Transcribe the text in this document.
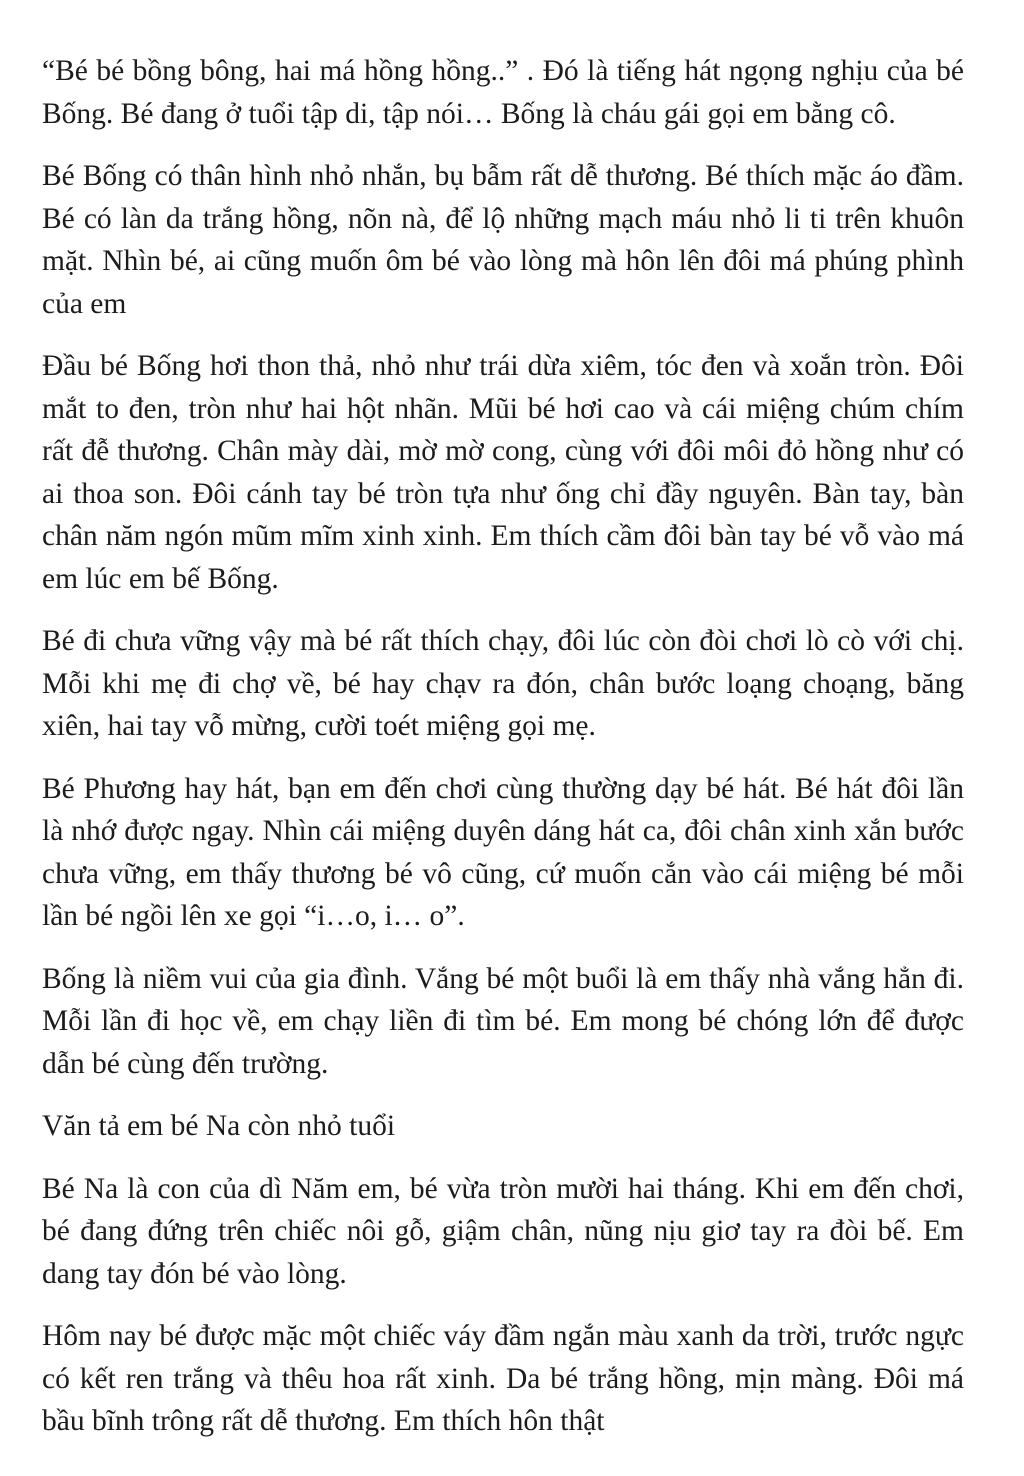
“Bé bé bồng bông, hai má hồng hồng..” . Đó là tiếng hát ngọng nghịu của bé Bống. Bé đang ở tuổi tập di, tập nói… Bống là cháu gái gọi em bằng cô.

Bé Bống có thân hình nhỏ nhắn, bụ bẫm rất dễ thương. Bé thích mặc áo đầm. Bé có làn da trắng hồng, nõn nà, để lộ những mạch máu nhỏ li ti trên khuôn mặt. Nhìn bé, ai cũng muốn ôm bé vào lòng mà hôn lên đôi má phúng phình của em

Đầu bé Bống hơi thon thả, nhỏ như trái dừa xiêm, tóc đen và xoắn tròn. Đôi mắt to đen, tròn như hai hột nhãn. Mũi bé hơi cao và cái miệng chúm chím rất đễ thương. Chân mày dài, mờ mờ cong, cùng với đôi môi đỏ hồng như có ai thoa son. Đôi cánh tay bé tròn tựa như ống chỉ đầy nguyên. Bàn tay, bàn chân năm ngón mũm mĩm xinh xinh. Em thích cầm đôi bàn tay bé vỗ vào má em lúc em bế Bống.

Bé đi chưa vững vậy mà bé rất thích chạy, đôi lúc còn đòi chơi lò cò với chị. Mỗi khi mẹ đi chợ về, bé hay chạv ra đón, chân bước loạng choạng, băng xiên, hai tay vỗ mừng, cười toét miệng gọi mẹ.

Bé Phương hay hát, bạn em đến chơi cùng thường dạy bé hát. Bé hát đôi lần là nhớ được ngay. Nhìn cái miệng duyên dáng hát ca, đôi chân xinh xắn bước chưa vững, em thấy thương bé vô cũng, cứ muốn cắn vào cái miệng bé mỗi lần bé ngồi lên xe gọi “i…o, i… o”.

Bống là niềm vui của gia đình. Vắng bé một buổi là em thấy nhà vắng hẳn đi. Mỗi lần đi học về, em chạy liền đi tìm bé. Em mong bé chóng lớn để được dẫn bé cùng đến trường.

Văn tả em bé Na còn nhỏ tuổi

Bé Na là con của dì Năm em, bé vừa tròn mười hai tháng. Khi em đến chơi, bé đang đứng trên chiếc nôi gỗ, giậm chân, nũng nịu giơ tay ra đòi bế. Em dang tay đón bé vào lòng.

Hôm nay bé được mặc một chiếc váy đầm ngắn màu xanh da trời, trước ngực có kết ren trắng và thêu hoa rất xinh. Da bé trắng hồng, mịn màng. Đôi má bầu bĩnh trông rất dễ thương. Em thích hôn thật
